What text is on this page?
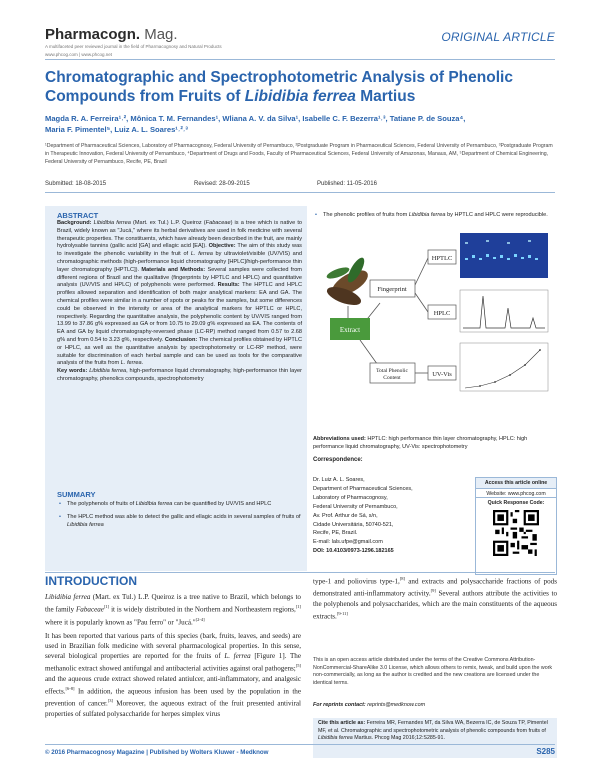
Pharmacogn. Mag.
A multifaceted peer reviewed journal in the field of Pharmacognosy and Natural Products
www.phcog.com | www.phcog.net
ORIGINAL ARTICLE
Chromatographic and Spectrophotometric Analysis of Phenolic
Compounds from Fruits of Libidibia ferrea Martius
Magda R. A. Ferreira¹˒², Mônica T. M. Fernandes¹, Wliana A. V. da Silva¹, Isabelle C. F. Bezerra¹˒³, Tatiane P. de Souza⁴,
Maria F. Pimentel⁵, Luiz A. L. Soares¹˒²˒³
¹Department of Pharmaceutical Sciences, Laboratory of Pharmacognosy, Federal University of Pernambuco, ²Postgraduate Program in Pharmaceutical Sciences, Federal University of Pernambuco, ³Postgraduate Program in Therapeutic Innovation, Federal University of Pernambuco, ⁴Department of Drugs and Foods, Faculty of Pharmaceutical Sciences, Federal University of Amazonas, Manaus, AM, ⁵Department of Chemical Engineering, Federal University of Pernambuco, Recife, PE, Brazil
Submitted: 18-08-2015	Revised: 28-09-2015	Published: 11-05-2016
ABSTRACT
Background: Libidibia ferrea (Mart. ex Tul.) L.P. Queiroz (Fabaceae) is a tree which is native to Brazil, widely known as "Jucá," where its herbal derivatives are used in folk medicine with several therapeutic properties. The constituents, which have already been described in the fruit, are mainly hydrolysable tannins (gallic acid [GA] and ellagic acid [EA]). Objective: The aim of this study was to investigate the phenolic variability in the fruit of L. ferrea by ultraviolet/visible (UV/VIS) and chromatographic methods (high-performance liquid chromatography [HPLC]/high-performance thin layer chromatography [HPTLC]). Materials and Methods: Several samples were collected from different regions of Brazil and the qualitative (fingerprints by HPTLC and HPLC) and quantitative analysis (UV/VIS and HPLC) of polyphenols were performed. Results: The HPTLC and HPLC profiles allowed separation and identification of both major analytical markers: EA and GA. The chemical profiles were similar in a number of spots or peaks for the samples, but some differences could be observed in the intensity or area of the analytical markers for HPTLC or HPLC, respectively. Regarding the quantitative analysis, the polyphenolic content by UV/VIS ranged from 13.99 to 37.86 g% expressed as GA or from 10.75 to 29.09 g% expressed as EA. The contents of EA and GA by liquid chromatography-reversed phase (LC-RP) method ranged from 0.57 to 2.68 g% and from 0.54 to 3.23 g%, respectively. Conclusion: The chemical profiles obtained by HPTLC or HPLC, as well as the quantitative analysis by spectrophotometry or LC-RP method, were suitable for discrimination of each herbal sample and can be used as tools for the comparative analysis of the fruits from L. ferrea.
Key words: Libidibia ferrea, high-performance liquid chromatography, high-performance thin layer chromatography, phenolics compounds, spectrophotometry
SUMMARY
• The polyphenols of fruits of Libidibia ferrea can be quantified by UV/VIS and HPLC
• The HPLC method was able to detect the gallic and ellagic acids in several samples of fruits of Libidibia ferrea
• The phenolic profiles of fruits from Libidibia ferrea by HPTLC and HPLC were reproducible.
Extract
Fingerprint
Total Phenolic
Content
HPTLC
HPLC
UV-Vis
Abbreviations used: HPTLC: high performance thin layer chromatography, HPLC: high performance liquid chromatography, UV-Vis: spectrophotometry
Correspondence:
Dr. Luiz A. L. Soares,
Department of Pharmaceutical Sciences,
Laboratory of Pharmacognosy,
Federal University of Pernambuco,
Av. Prof. Arthur de Sá, s/n,
Cidade Universitária, 50740-521,
Recife, PE, Brazil.
E-mail: lals.ufpe@gmail.com
DOI: 10.4103/0973-1296.182165
Access this article online
Website: www.phcog.com
Quick Response Code:
INTRODUCTION

Libidibia ferrea (Mart. ex Tul.) L.P. Queiroz is a tree native to Brazil, which belongs to the family Fabaceae[1] it is widely distributed in the Northern and Northeastern regions,[1] where it is popularly known as "Pau ferro" or "Jucá."[2-4]

It has been reported that various parts of this species (bark, fruits, leaves, and seeds) are used in Brazilian folk medicine with several pharmacological properties. In this sense, several biological properties are reported for the fruits of L. ferrea [Figure 1]. The methanolic extract showed antifungal and antibacterial activities against oral pathogens;[5] and the aqueous crude extract showed related antiulcer, anti-inflammatory, and analgesic effects.[6-8] In addition, the aqueous infusion has been used by the population in the prevention of cancer.[3] Moreover, the aqueous extract of the fruit presented antiviral properties of sulfated polysaccharide for herpes simplex virus

type-1 and poliovirus type-1,[8] and extracts and polysaccharide fractions of pods demonstrated anti-inflammatory activity.[9] Several authors attribute the activities to the polyphenols and polysaccharides, which are the main constituents of the aqueous extracts.[9-11]

This is an open access article distributed under the terms of the Creative Commons Attribution-NonCommercial-ShareAlike 3.0 License, which allows others to remix, tweak, and build upon the work non-commercially, as long as the author is credited and the new creations are licensed under the identical terms.
For reprints contact: reprints@medknow.com
Cite this article as: Ferreira MR, Fernandes MT, da Silva WA, Bezerra IC, de Souza TP, Pimentel MF, et al. Chromatographic and spectrophotometric analysis of phenolic compounds from fruits of Libidibia ferrea Martius. Phcog Mag 2016;12:S285-91.
© 2016 Pharmacognosy Magazine | Published by Wolters Kluwer - Medknow	S285
